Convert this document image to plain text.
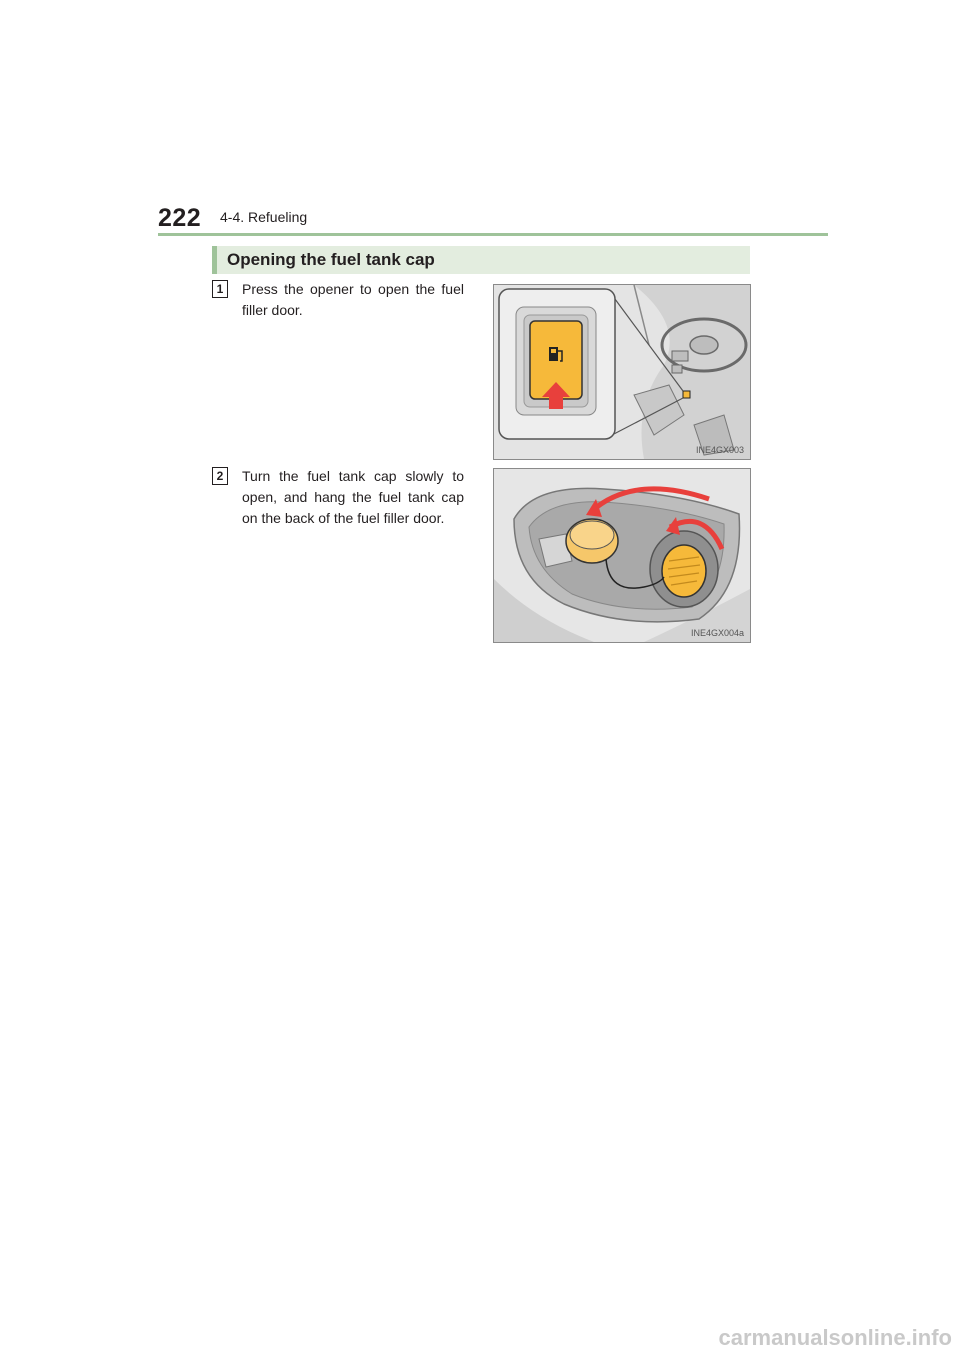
222 4-4. Refueling
Opening the fuel tank cap
1	Press the opener to open the fuel filler door.
INE4GX003
2	Turn the fuel tank cap slowly to open, and hang the fuel tank cap on the back of the fuel filler door.
INE4GX004a
carmanualsonline.info
